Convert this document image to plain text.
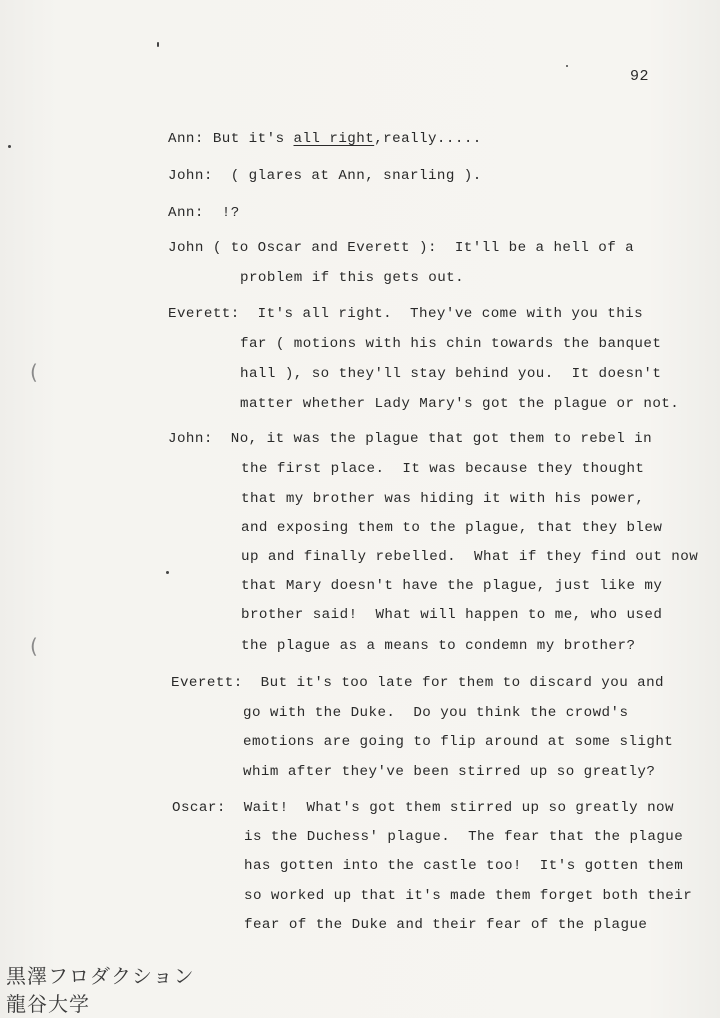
92
Ann: But it's all right,really.....
John:  ( glares at Ann, snarling ).
Ann:  !?
John ( to Oscar and Everett ):  It'll be a hell of a
problem if this gets out.
Everett:  It's all right.  They've come with you this
far ( motions with his chin towards the banquet
hall ), so they'll stay behind you.  It doesn't
matter whether Lady Mary's got the plague or not.
John:  No, it was the plague that got them to rebel in
the first place.  It was because they thought
that my brother was hiding it with his power,
and exposing them to the plague, that they blew
up and finally rebelled.  What if they find out now
that Mary doesn't have the plague, just like my
brother said!  What will happen to me, who used
the plague as a means to condemn my brother?
Everett:  But it's too late for them to discard you and
go with the Duke.  Do you think the crowd's
emotions are going to flip around at some slight
whim after they've been stirred up so greatly?
Oscar:  Wait!  What's got them stirred up so greatly now
is the Duchess' plague.  The fear that the plague
has gotten into the castle too!  It's gotten them
so worked up that it's made them forget both their
fear of the Duke and their fear of the plague
(
(
黒澤フロダクション
龍谷大学
